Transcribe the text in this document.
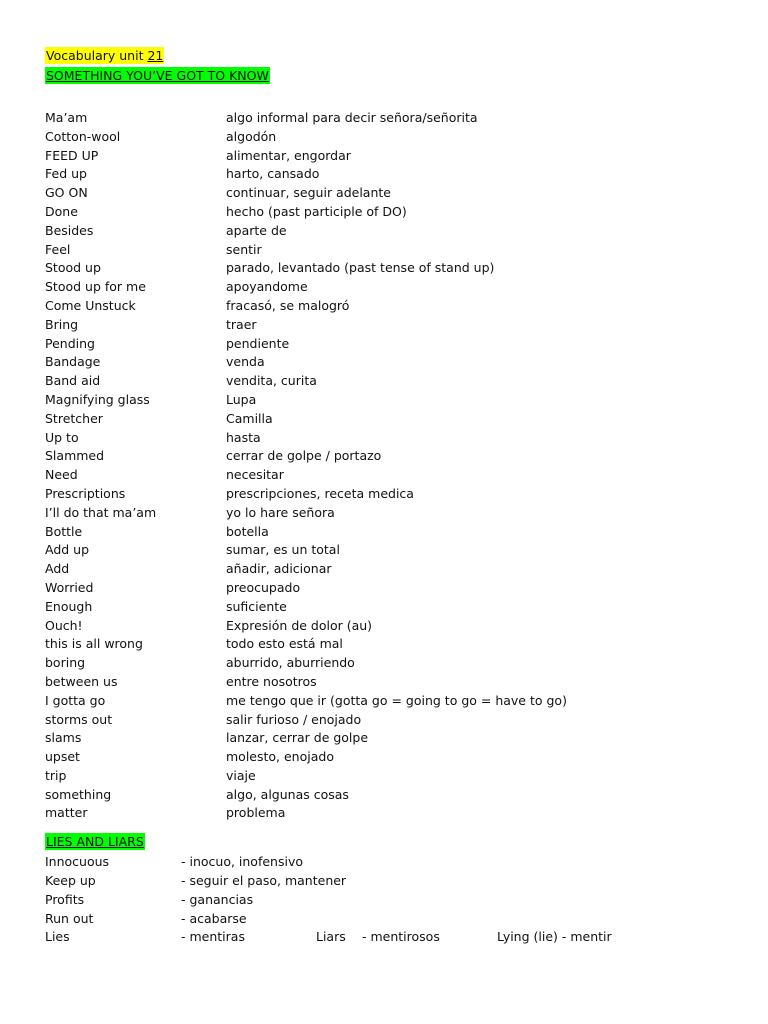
Vocabulary unit 21
SOMETHING YOU’VE GOT TO KNOW
Ma’am	algo informal para decir señora/señorita
Cotton-wool	algodón
FEED UP	alimentar, engordar
Fed up	harto, cansado
GO ON	continuar, seguir adelante
Done	hecho (past participle of DO)
Besides	aparte de
Feel	sentir
Stood up	parado, levantado (past tense of stand up)
Stood up for me	apoyandome
Come Unstuck	fracasó, se malogró
Bring	traer
Pending	pendiente
Bandage	venda
Band aid	vendita, curita
Magnifying glass	Lupa
Stretcher	Camilla
Up to	hasta
Slammed	cerrar de golpe / portazo
Need	necesitar
Prescriptions	prescripciones, receta medica
I’ll do that ma’am	yo lo hare señora
Bottle	botella
Add up	sumar, es un total
Add	añadir, adicionar
Worried	preocupado
Enough	suficiente
Ouch!	Expresión de dolor (au)
this is all wrong	todo esto está mal
boring	aburrido, aburriendo
between us	entre nosotros
I gotta go	me tengo que ir (gotta go = going to go = have to go)
storms out	salir furioso / enojado
slams	lanzar, cerrar de golpe
upset	molesto, enojado
trip	viaje
something	algo, algunas cosas
matter	problema
LIES AND LIARS
Innocuous	- inocuo, inofensivo
Keep up	- seguir el paso, mantener
Profits	- ganancias
Run out	- acabarse
Lies	- mentiras	Liars	- mentirosos	Lying (lie) - mentir
